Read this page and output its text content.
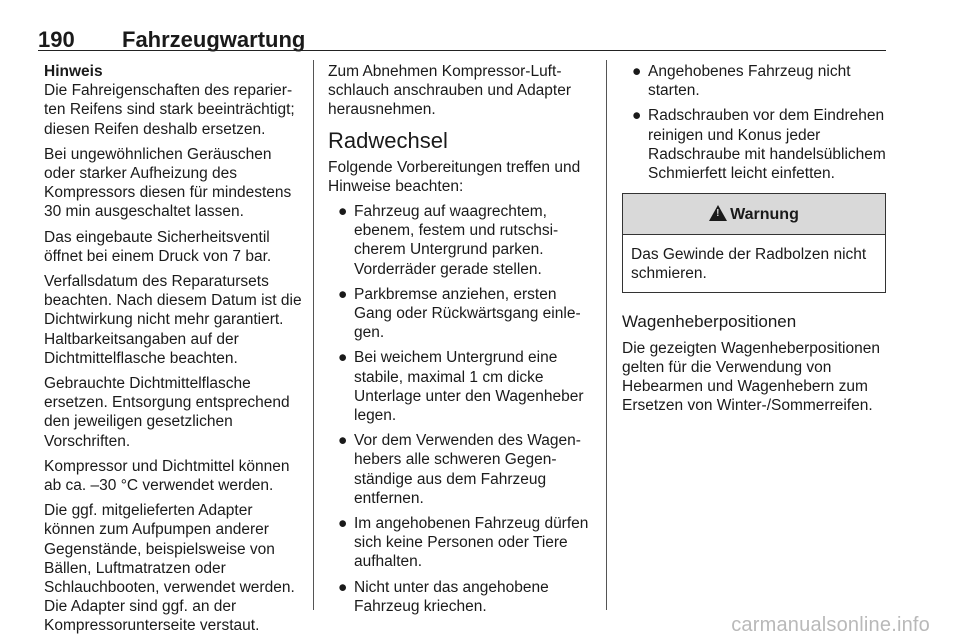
190 Fahrzeugwartung

Hinweis

Die Fahreigenschaften des reparierten Reifens sind stark beeinträchtigt; diesen Reifen deshalb ersetzen.

Bei ungewöhnlichen Geräuschen oder starker Aufheizung des Kompressors diesen für mindestens 30 min ausgeschaltet lassen.

Das eingebaute Sicherheitsventil öffnet bei einem Druck von 7 bar.

Verfallsdatum des Reparatursets beachten. Nach diesem Datum ist die Dichtwirkung nicht mehr garantiert. Haltbarkeitsangaben auf der Dichtmittelflasche beachten.

Gebrauchte Dichtmittelflasche ersetzen. Entsorgung entsprechend den jeweiligen gesetzlichen Vorschriften.

Kompressor und Dichtmittel können ab ca. –30 °C verwendet werden.

Die ggf. mitgelieferten Adapter können zum Aufpumpen anderer Gegenstände, beispielsweise von Bällen, Luftmatratzen oder Schlauchbooten, verwendet werden. Die Adapter sind ggf. an der Kompressorunterseite verstaut.

Zum Abnehmen Kompressor-Luftschlauch anschrauben und Adapter herausnehmen.

Radwechsel

Folgende Vorbereitungen treffen und Hinweise beachten:

● Fahrzeug auf waagrechtem, ebenem, festem und rutschsicherem Untergrund parken. Vorderräder gerade stellen.
● Parkbremse anziehen, ersten Gang oder Rückwärtsgang einlegen.
● Bei weichem Untergrund eine stabile, maximal 1 cm dicke Unterlage unter den Wagenheber legen.
● Vor dem Verwenden des Wagenhebers alle schweren Gegenständige aus dem Fahrzeug entfernen.
● Im angehobenen Fahrzeug dürfen sich keine Personen oder Tiere aufhalten.
● Nicht unter das angehobene Fahrzeug kriechen.
● Angehobenes Fahrzeug nicht starten.
● Radschrauben vor dem Eindrehen reinigen und Konus jeder Radschraube mit handelsüblichem Schmierfett leicht einfetten.
! Warnung
Das Gewinde der Radbolzen nicht schmieren.
Wagenheberpositionen

Die gezeigten Wagenheberpositionen gelten für die Verwendung von Hebearmen und Wagenhebern zum Ersetzen von Winter-/Sommerreifen.

carmanualsonline.info
